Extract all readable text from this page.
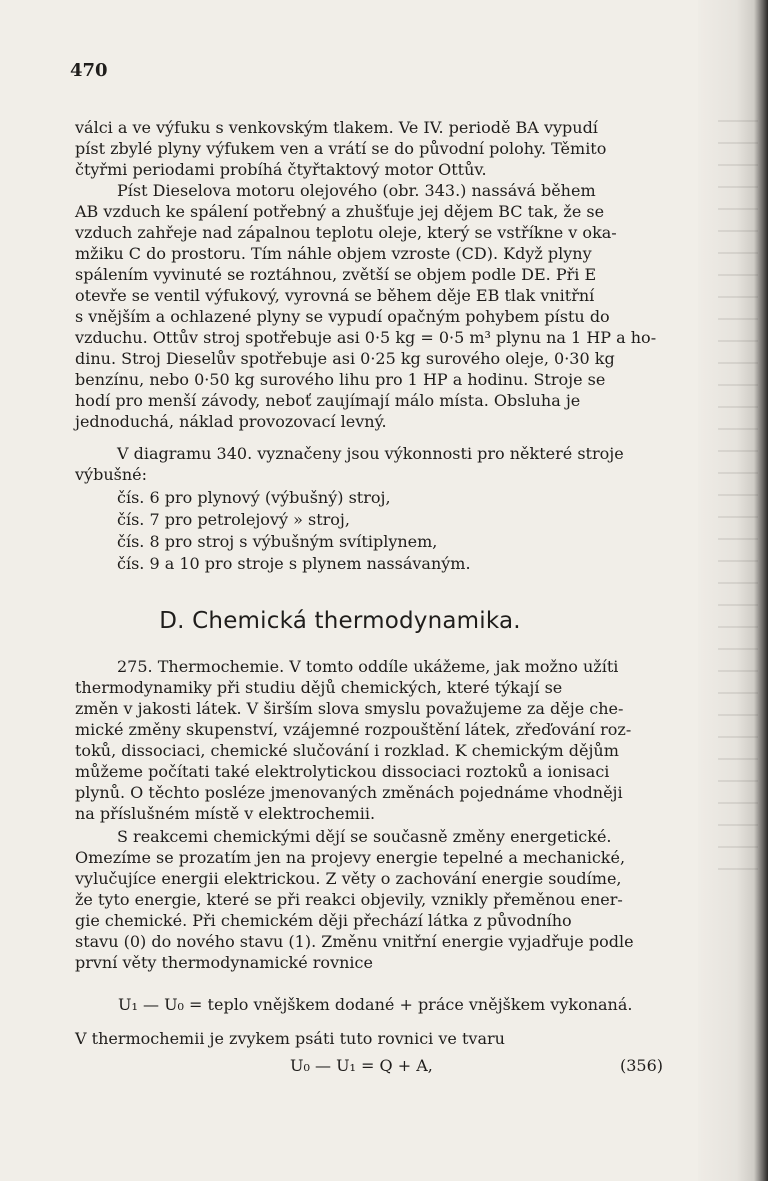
470
válci a ve výfuku s venkovským tlakem. Ve IV. periodě BA vypudí
píst zbylé plyny výfukem ven a vrátí se do původní polohy. Těmito
čtyřmi periodami probíhá čtyřtaktový motor Ottův.
Píst Dieselova motoru olejového (obr. 343.) nassává během
AB vzduch ke spálení potřebný a zhušťuje jej dějem BC tak, že se
vzduch zahřeje nad zápalnou teplotu oleje, který se vstříkne v oka-
mžiku C do prostoru. Tím náhle objem vzroste (CD). Když plyny
spálením vyvinuté se roztáhnou, zvětší se objem podle DE. Při E
otevře se ventil výfukový, vyrovná se během děje EB tlak vnitřní
s vnějším a ochlazené plyny se vypudí opačným pohybem pístu do
vzduchu. Ottův stroj spotřebuje asi 0·5 kg = 0·5 m³ plynu na 1 HP a ho-
dinu. Stroj Dieselův spotřebuje asi 0·25 kg surového oleje, 0·30 kg
benzínu, nebo 0·50 kg surového lihu pro 1 HP a hodinu. Stroje se
hodí pro menší závody, neboť zaujímají málo místa. Obsluha je
jednoduchá, náklad provozovací levný.
V diagramu 340. vyznačeny jsou výkonnosti pro některé stroje
výbušné:
čís. 6 pro plynový (výbušný) stroj,
čís. 7 pro petrolejový » stroj,
čís. 8 pro stroj s výbušným svítiplynem,
čís. 9 a 10 pro stroje s plynem nassávaným.
D. Chemická thermodynamika.
275. Thermochemie. V tomto oddíle ukážeme, jak možno užíti
thermodynamiky při studiu dějů chemických, které týkají se
změn v jakosti látek. V širším slova smyslu považujeme za děje che-
mické změny skupenství, vzájemné rozpouštění látek, zřeďování roz-
toků, dissociaci, chemické slučování i rozklad. K chemickým dějům
můžeme počítati také elektrolytickou dissociaci roztoků a ionisaci
plynů. O těchto posléze jmenovaných změnách pojednáme vhodněji
na příslušném místě v elektrochemii.
S reakcemi chemickými dějí se současně změny energetické.
Omezíme se prozatím jen na projevy energie tepelné a mechanické,
vylučujíce energii elektrickou. Z věty o zachování energie soudíme,
že tyto energie, které se při reakci objevily, vznikly přeměnou ener-
gie chemické. Při chemickém ději přechází látka z původního
stavu (0) do nového stavu (1). Změnu vnitřní energie vyjadřuje podle
první věty thermodynamické rovnice
U₁ — U₀ = teplo vnějškem dodané + práce vnějškem vykonaná.
V thermochemii je zvykem psáti tuto rovnici ve tvaru
U₀ — U₁ = Q + A,	(356)
